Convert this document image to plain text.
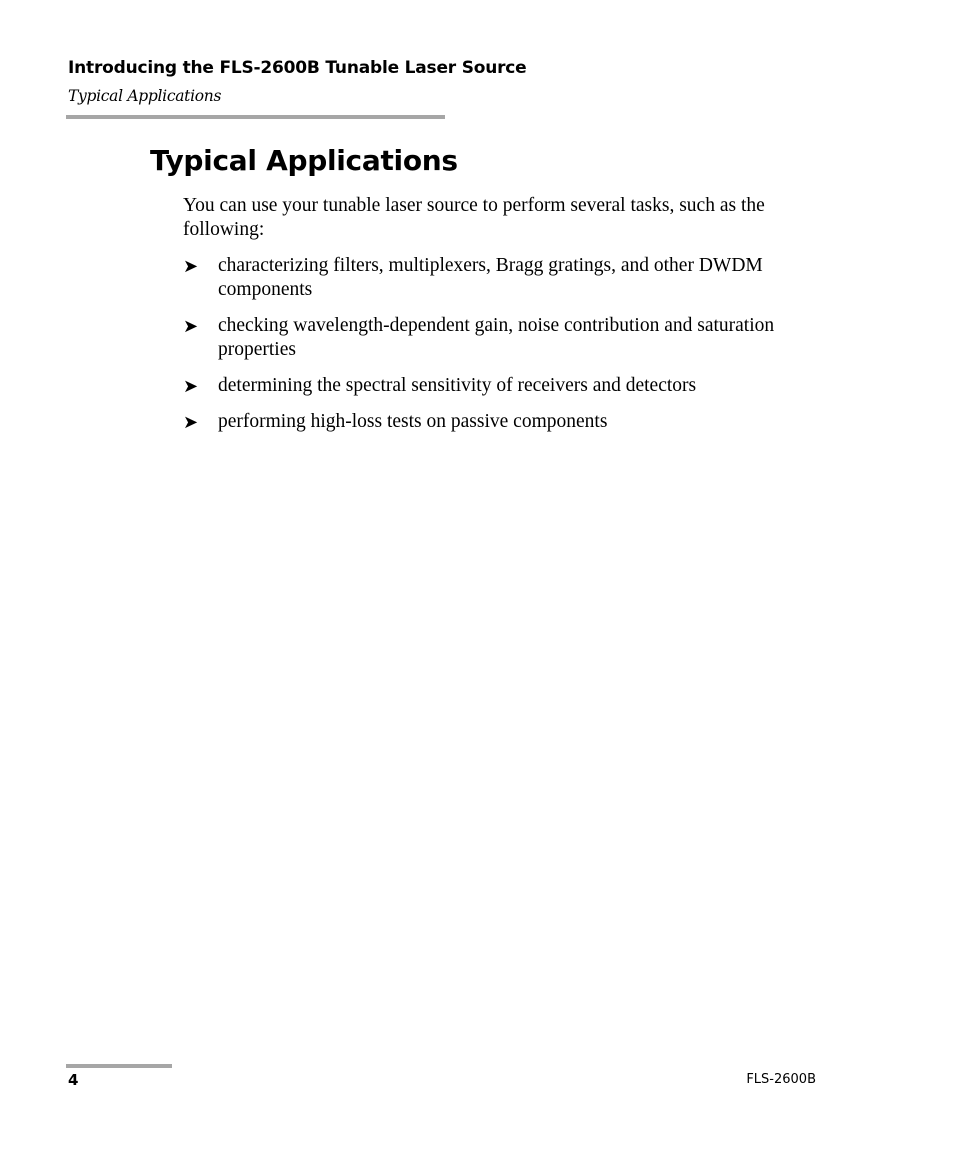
Introducing the FLS-2600B Tunable Laser Source
Typical Applications
Typical Applications

You can use your tunable laser source to perform several tasks, such as the following:

➤ characterizing filters, multiplexers, Bragg gratings, and other DWDM components
➤ checking wavelength-dependent gain, noise contribution and saturation properties
➤ determining the spectral sensitivity of receivers and detectors
➤ performing high-loss tests on passive components
4	FLS-2600B
